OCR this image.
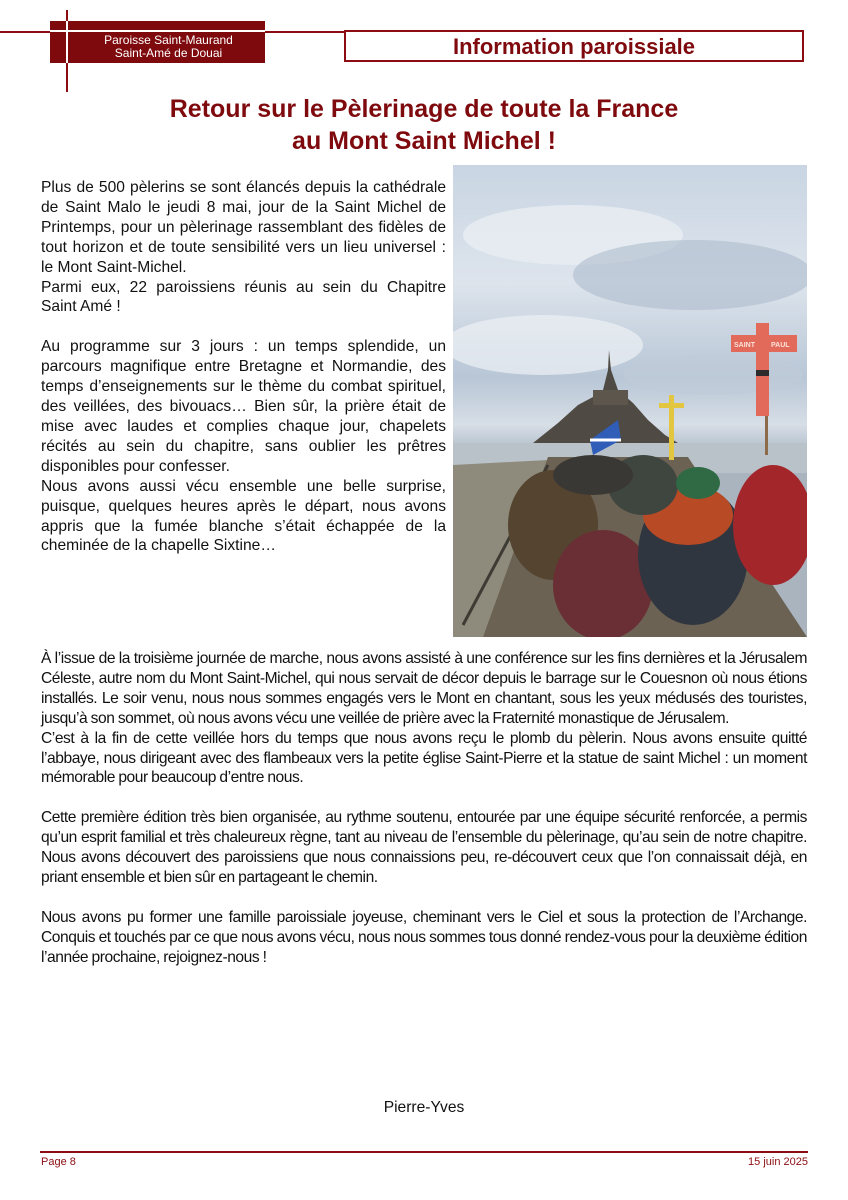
Paroisse Saint-Maurand
Saint-Amé de Douai	Information paroissiale
Retour sur le Pèlerinage de toute la France
au Mont Saint Michel !

Plus de 500 pèlerins se sont élancés depuis la cathédrale de Saint Malo le jeudi 8 mai, jour de la Saint Michel de Printemps, pour un pèlerinage rassemblant des fidèles de tout horizon et de toute sensibilité vers un lieu universel : le Mont Saint-Michel.

Parmi eux, 22 paroissiens réunis au sein du Chapitre Saint Amé !

Au programme sur 3 jours : un temps splendide, un parcours magnifique entre Bretagne et Normandie, des temps d’enseignements sur le thème du combat spirituel, des veillées, des bivouacs… Bien sûr, la prière était de mise avec laudes et complies chaque jour, chapelets récités au sein du chapitre, sans oublier les prêtres disponibles pour confesser.

Nous avons aussi vécu ensemble une belle surprise, puisque, quelques heures après le départ, nous avons appris que la fumée blanche s’était échappée de la cheminée de la chapelle Sixtine…

SAINT PAUL

À l’issue de la troisième journée de marche, nous avons assisté à une conférence sur les fins dernières et la Jérusalem Céleste, autre nom du Mont Saint-Michel, qui nous servait de décor depuis le barrage sur le Couesnon où nous étions installés. Le soir venu, nous nous sommes engagés vers le Mont en chantant, sous les yeux médusés des touristes, jusqu’à son sommet, où nous avons vécu une veillée de prière avec la Fraternité monastique de Jérusalem.

C’est à la fin de cette veillée hors du temps que nous avons reçu le plomb du pèlerin. Nous avons ensuite quitté l’abbaye, nous dirigeant avec des flambeaux vers la petite église Saint-Pierre et la statue de saint Michel : un moment mémorable pour beaucoup d’entre nous.

Cette première édition très bien organisée, au rythme soutenu, entourée par une équipe sécurité renforcée, a permis qu’un esprit familial et très chaleureux règne, tant au niveau de l’ensemble du pèlerinage, qu’au sein de notre chapitre. Nous avons découvert des paroissiens que nous connaissions peu, re-découvert ceux que l’on connaissait déjà, en priant ensemble et bien sûr en partageant le chemin.

Nous avons pu former une famille paroissiale joyeuse, cheminant vers le Ciel et sous la protection de l’Archange. Conquis et touchés par ce que nous avons vécu, nous nous sommes tous donné rendez-vous pour la deuxième édition l’année prochaine, rejoignez-nous !

Pierre-Yves
Page 8	15 juin 2025
